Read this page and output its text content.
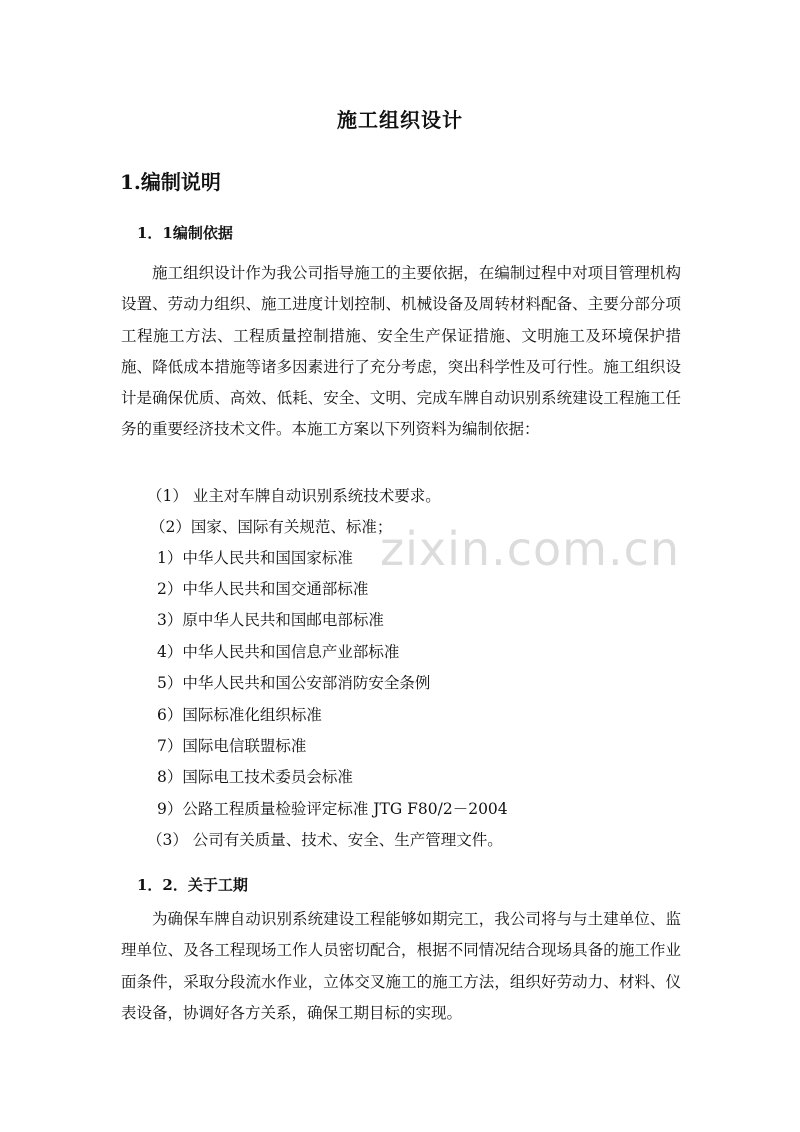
施工组织设计
1.编制说明
1．1编制依据

施工组织设计作为我公司指导施工的主要依据，在编制过程中对项目管理机构设置、劳动力组织、施工进度计划控制、机械设备及周转材料配备、主要分部分项工程施工方法、工程质量控制措施、安全生产保证措施、文明施工及环境保护措施、降低成本措施等诸多因素进行了充分考虑，突出科学性及可行性。施工组织设计是确保优质、高效、低耗、安全、文明、完成车牌自动识别系统建设工程施工任务的重要经济技术文件。本施工方案以下列资料为编制依据：

（1） 业主对车牌自动识别系统技术要求。
（2）国家、国际有关规范、标准；
1）中华人民共和国国家标准
2）中华人民共和国交通部标准
3）原中华人民共和国邮电部标准
4）中华人民共和国信息产业部标准
5）中华人民共和国公安部消防安全条例
6）国际标准化组织标准
7）国际电信联盟标准
8）国际电工技术委员会标准
9）公路工程质量检验评定标准 JTG F80/2－2004
（3） 公司有关质量、技术、安全、生产管理文件。
1．2．关于工期

为确保车牌自动识别系统建设工程能够如期完工，我公司将与与土建单位、监理单位、及各工程现场工作人员密切配合，根据不同情况结合现场具备的施工作业面条件，采取分段流水作业，立体交叉施工的施工方法，组织好劳动力、材料、仪表设备，协调好各方关系，确保工期目标的实现。

zixin.com.cn
